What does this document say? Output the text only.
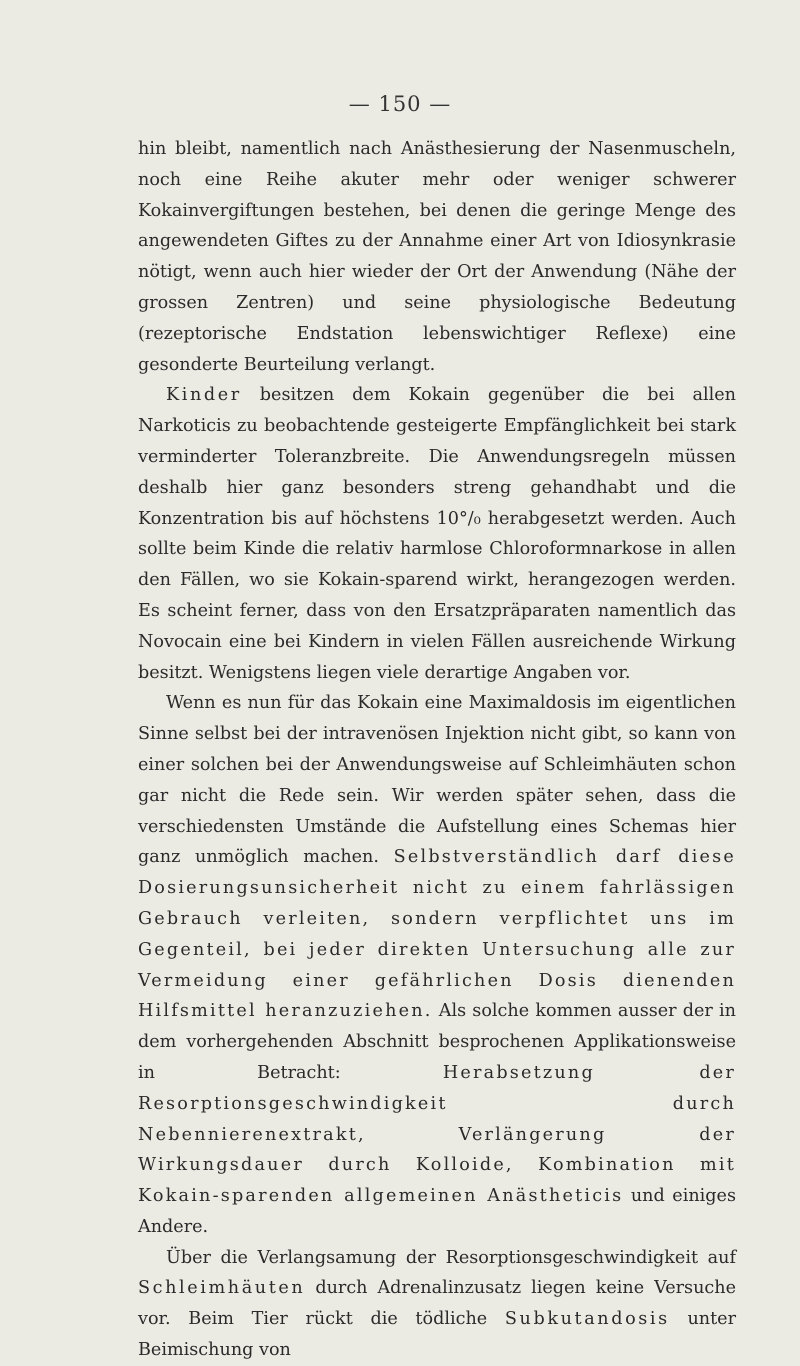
— 150 —

hin bleibt, namentlich nach Anästhesierung der Nasenmuscheln, noch eine Reihe akuter mehr oder weniger schwerer Kokainvergiftungen bestehen, bei denen die geringe Menge des angewendeten Giftes zu der Annahme einer Art von Idiosynkrasie nötigt, wenn auch hier wieder der Ort der Anwendung (Nähe der grossen Zentren) und seine physiologische Bedeutung (rezeptorische Endstation lebenswichtiger Reflexe) eine gesonderte Beurteilung verlangt.

Kinder besitzen dem Kokain gegenüber die bei allen Narkoticis zu beobachtende gesteigerte Empfänglichkeit bei stark verminderter Toleranzbreite. Die Anwendungsregeln müssen deshalb hier ganz besonders streng gehandhabt und die Konzentration bis auf höchstens 10°/₀ herabgesetzt werden. Auch sollte beim Kinde die relativ harmlose Chloroformnarkose in allen den Fällen, wo sie Kokain-sparend wirkt, herangezogen werden. Es scheint ferner, dass von den Ersatzpräparaten namentlich das Novocain eine bei Kindern in vielen Fällen ausreichende Wirkung besitzt. Wenigstens liegen viele derartige Angaben vor.

Wenn es nun für das Kokain eine Maximaldosis im eigentlichen Sinne selbst bei der intravenösen Injektion nicht gibt, so kann von einer solchen bei der Anwendungsweise auf Schleimhäuten schon gar nicht die Rede sein. Wir werden später sehen, dass die verschiedensten Umstände die Aufstellung eines Schemas hier ganz unmöglich machen. Selbstverständlich darf diese Dosierungsunsicherheit nicht zu einem fahrlässigen Gebrauch verleiten, sondern verpflichtet uns im Gegenteil, bei jeder direkten Untersuchung alle zur Vermeidung einer gefährlichen Dosis dienenden Hilfsmittel heranzuziehen. Als solche kommen ausser der in dem vorhergehenden Abschnitt besprochenen Applikationsweise in Betracht: Herabsetzung der Resorptionsgeschwindigkeit durch Nebennierenextrakt, Verlängerung der Wirkungsdauer durch Kolloide, Kombination mit Kokain-sparenden allgemeinen Anästheticis und einiges Andere.

Über die Verlangsamung der Resorptionsgeschwindigkeit auf Schleimhäuten durch Adrenalinzusatz liegen keine Versuche vor. Beim Tier rückt die tödliche Subkutandosis unter Beimischung von
